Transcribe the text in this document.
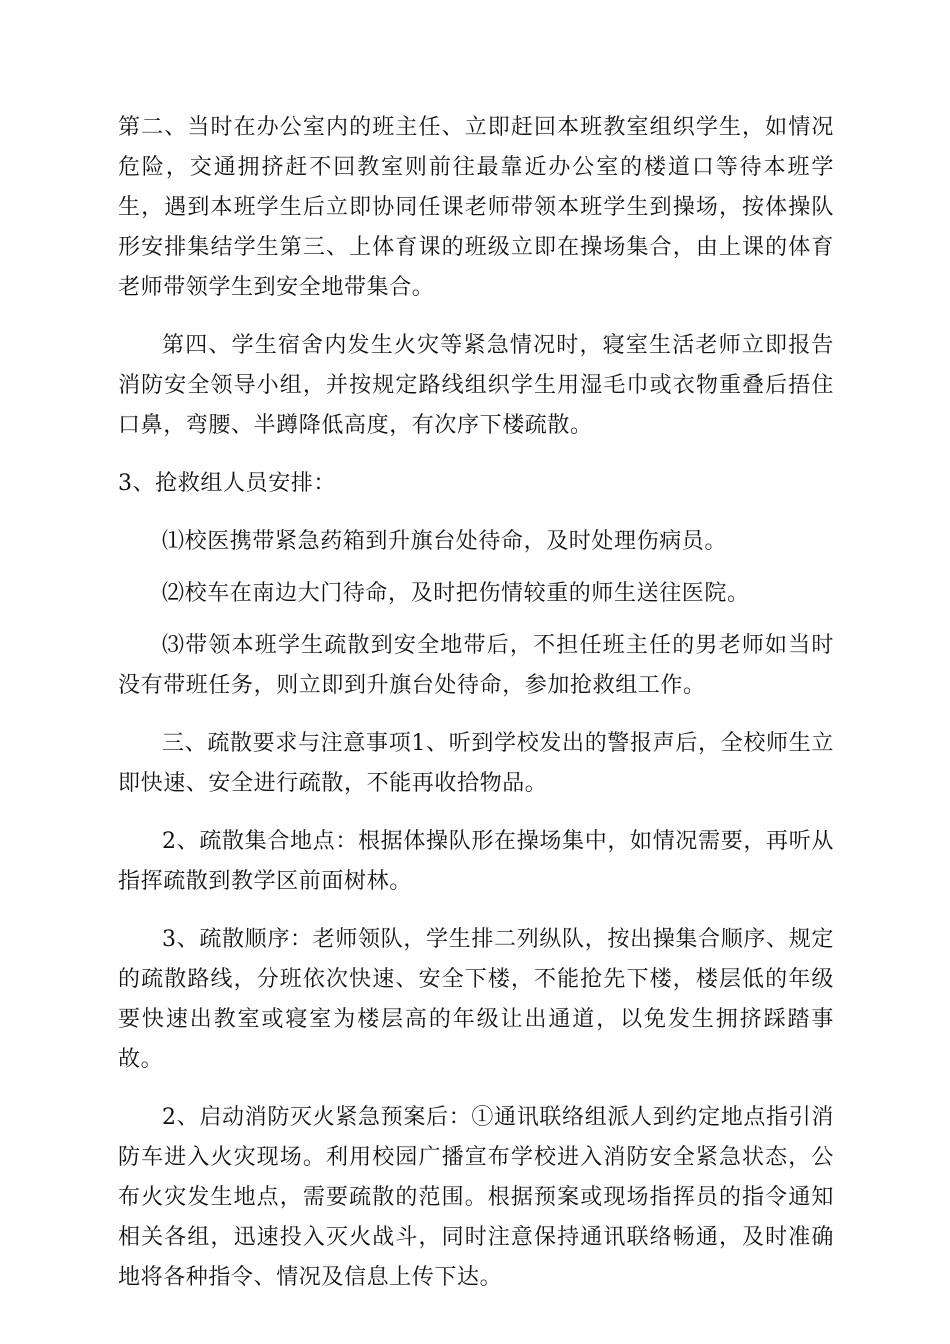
第二、当时在办公室内的班主任、立即赶回本班教室组织学生，如情况危险，交通拥挤赶不回教室则前往最靠近办公室的楼道口等待本班学生，遇到本班学生后立即协同任课老师带领本班学生到操场，按体操队形安排集结学生第三、上体育课的班级立即在操场集合，由上课的体育老师带领学生到安全地带集合。

第四、学生宿舍内发生火灾等紧急情况时，寝室生活老师立即报告消防安全领导小组，并按规定路线组织学生用湿毛巾或衣物重叠后捂住口鼻，弯腰、半蹲降低高度，有次序下楼疏散。

3、抢救组人员安排：

⑴校医携带紧急药箱到升旗台处待命，及时处理伤病员。

⑵校车在南边大门待命，及时把伤情较重的师生送往医院。

⑶带领本班学生疏散到安全地带后，不担任班主任的男老师如当时没有带班任务，则立即到升旗台处待命，参加抢救组工作。

三、疏散要求与注意事项1、听到学校发出的警报声后，全校师生立即快速、安全进行疏散，不能再收拾物品。

2、疏散集合地点：根据体操队形在操场集中，如情况需要，再听从指挥疏散到教学区前面树林。

3、疏散顺序：老师领队，学生排二列纵队，按出操集合顺序、规定的疏散路线，分班依次快速、安全下楼，不能抢先下楼，楼层低的年级要快速出教室或寝室为楼层高的年级让出通道，以免发生拥挤踩踏事故。

2、启动消防灭火紧急预案后：①通讯联络组派人到约定地点指引消防车进入火灾现场。利用校园广播宣布学校进入消防安全紧急状态，公布火灾发生地点，需要疏散的范围。根据预案或现场指挥员的指令通知相关各组，迅速投入灭火战斗，同时注意保持通讯联络畅通，及时准确地将各种指令、情况及信息上传下达。
